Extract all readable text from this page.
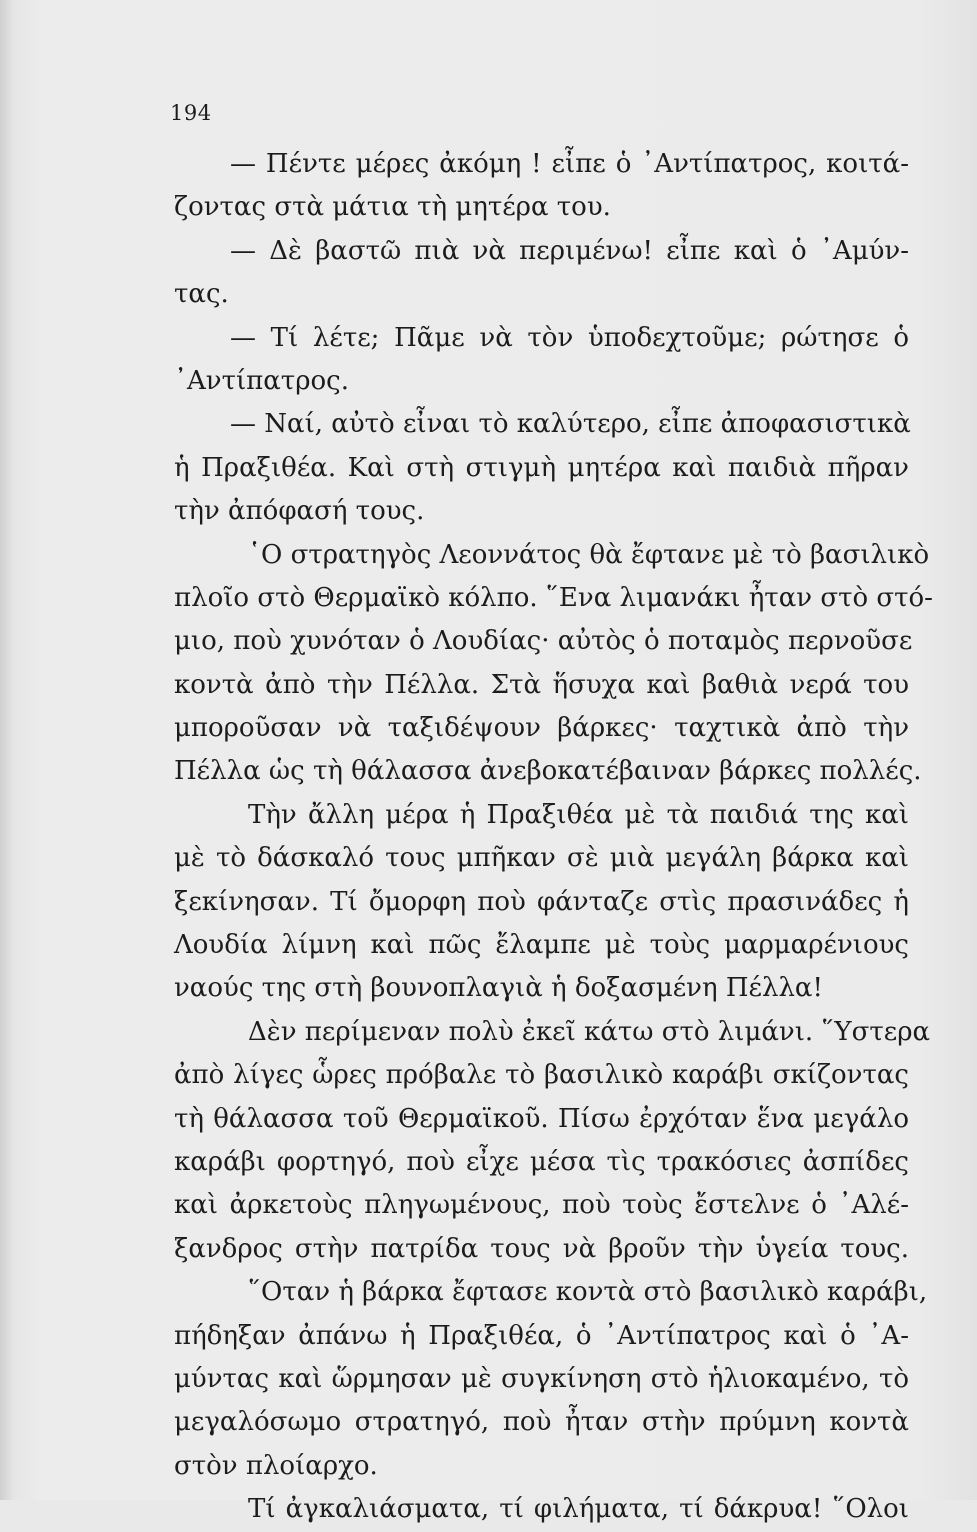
194
— Πέντε μέρες ἀκόμη ! εἶπε ὁ ᾿Αντίπατρος, κοιτά-
ζοντας στὰ μάτια τὴ μητέρα του.
— Δὲ βαστῶ πιὰ νὰ περιμένω! εἶπε καὶ ὁ ᾿Αμύν-
τας.
— Τί λέτε; Πᾶμε νὰ τὸν ὑποδεχτοῦμε; ρώτησε ὁ
᾿Αντίπατρος.
— Ναί, αὐτὸ εἶναι τὸ καλύτερο, εἶπε ἀποφασιστικὰ
ἡ Πραξιθέα. Καὶ στὴ στιγμὴ μητέρα καὶ παιδιὰ πῆραν
τὴν ἀπόφασή τους.
῾Ο στρατηγὸς Λεοννάτος θὰ ἔφτανε μὲ τὸ βασιλικὸ
πλοῖο στὸ Θερμαϊκὸ κόλπο. ῞Ενα λιμανάκι ἦταν στὸ στό-
μιο, ποὺ χυνόταν ὁ Λουδίας· αὐτὸς ὁ ποταμὸς περνοῦσε
κοντὰ ἀπὸ τὴν Πέλλα. Στὰ ἥσυχα καὶ βαθιὰ νερά του
μποροῦσαν νὰ ταξιδέψουν βάρκες· ταχτικὰ ἀπὸ τὴν
Πέλλα ὡς τὴ θάλασσα ἀνεβοκατέβαιναν βάρκες πολλές.
Τὴν ἄλλη μέρα ἡ Πραξιθέα μὲ τὰ παιδιά της καὶ
μὲ τὸ δάσκαλό τους μπῆκαν σὲ μιὰ μεγάλη βάρκα καὶ
ξεκίνησαν. Τί ὄμορφη ποὺ φάνταζε στὶς πρασινάδες ἡ
Λουδία λίμνη καὶ πῶς ἔλαμπε μὲ τοὺς μαρμαρένιους
ναούς της στὴ βουνοπλαγιὰ ἡ δοξασμένη Πέλλα!
Δὲν περίμεναν πολὺ ἐκεῖ κάτω στὸ λιμάνι. ῞Υστερα
ἀπὸ λίγες ὧρες πρόβαλε τὸ βασιλικὸ καράβι σκίζοντας
τὴ θάλασσα τοῦ Θερμαϊκοῦ. Πίσω ἐρχόταν ἕνα μεγάλο
καράβι φορτηγό, ποὺ εἶχε μέσα τὶς τρακόσιες ἀσπίδες
καὶ ἀρκετοὺς πληγωμένους, ποὺ τοὺς ἔστελνε ὁ ᾿Αλέ-
ξανδρος στὴν πατρίδα τους νὰ βροῦν τὴν ὑγεία τους.
῞Οταν ἡ βάρκα ἔφτασε κοντὰ στὸ βασιλικὸ καράβι,
πήδηξαν ἀπάνω ἡ Πραξιθέα, ὁ ᾿Αντίπατρος καὶ ὁ ᾿Α-
μύντας καὶ ὥρμησαν μὲ συγκίνηση στὸ ἡλιοκαμένο, τὸ
μεγαλόσωμο στρατηγό, ποὺ ἦταν στὴν πρύμνη κοντὰ
στὸν πλοίαρχο.
Τί ἀγκαλιάσματα, τί φιλήματα, τί δάκρυα! ῞Ολοι
